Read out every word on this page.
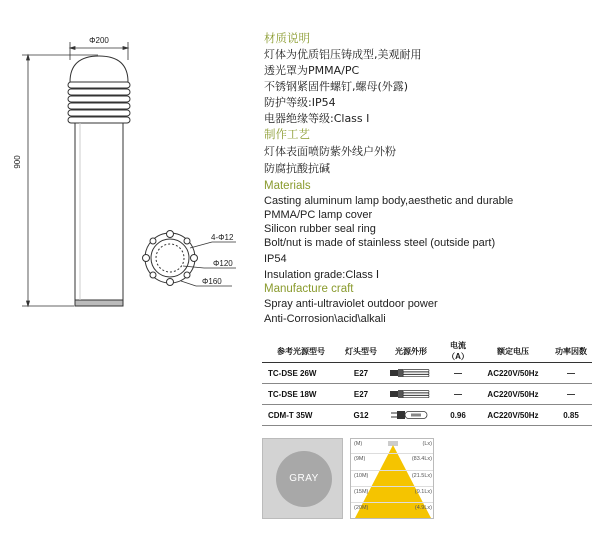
Φ200
900
4-Φ12
Φ120
Φ160
材质说明
灯体为优质铝压铸成型,美观耐用
透光罩为PMMA/PC
不锈钢紧固件螺钉,螺母(外露)
防护等级:IP54
电器绝缘等级:Class Ⅰ
制作工艺
灯体表面喷防紫外线户外粉
防腐抗酸抗碱
Materials
Casting aluminum lamp body,aesthetic and durable
PMMA/PC lamp cover
Silicon rubber seal ring
Bolt/nut is made of stainless steel (outside part)
IP54
Insulation grade:Class Ⅰ
Manufacture craft
Spray anti-ultraviolet outdoor power
Anti-Corrosion\acid\alkali
参考光源型号	灯头型号	光源外形	电流（A）	额定电压	功率因数
TC-DSE 26W	E27		—	AC220V/50Hz	—
TC-DSE 18W	E27		—	AC220V/50Hz	—
CDM-T 35W	G12		0.96	AC220V/50Hz	0.85
GRAY
(M)	(Lx)
(9M)	(83.4Lx)
(10M)	(21.5Lx)
(15M)	(9.1Lx)
(20M)	(4.9Lx)
